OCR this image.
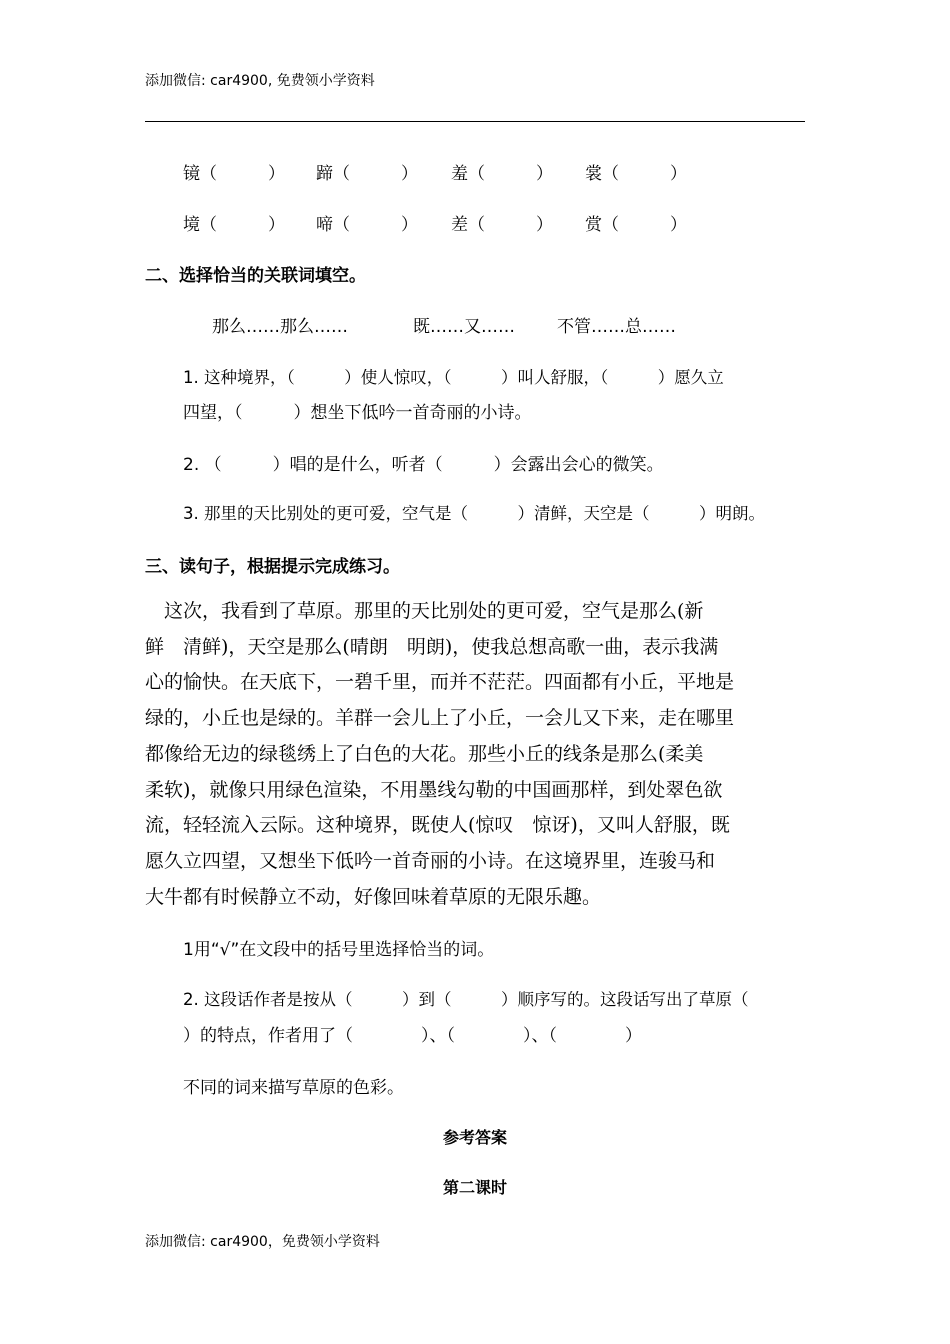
添加微信: car4900, 免费领小学资料
镜（　　　） 蹄（　　　） 羞（　　　） 裳（　　　）
境（　　　） 啼（　　　） 差（　　　） 赏（　　　）
二、选择恰当的关联词填空。
那么……那么……	既……又…… 不管……总……
1. 这种境界，（　　　）使人惊叹，（　　　）叫人舒服，（　　　）愿久立
四望，（　　　）想坐下低吟一首奇丽的小诗。
2. （　　　）唱的是什么，听者（　　　）会露出会心的微笑。
3. 那里的天比别处的更可爱，空气是（　　　）清鲜，天空是（　　　）明朗。
三、读句子，根据提示完成练习。
　这次，我看到了草原。那里的天比别处的更可爱，空气是那么(新
鲜　清鲜)，天空是那么(晴朗　明朗)，使我总想高歌一曲，表示我满
心的愉快。在天底下，一碧千里，而并不茫茫。四面都有小丘，平地是
绿的，小丘也是绿的。羊群一会儿上了小丘，一会儿又下来，走在哪里
都像给无边的绿毯绣上了白色的大花。那些小丘的线条是那么(柔美
柔软)，就像只用绿色渲染，不用墨线勾勒的中国画那样，到处翠色欲
流，轻轻流入云际。这种境界，既使人(惊叹　惊讶)，又叫人舒服，既
愿久立四望，又想坐下低吟一首奇丽的小诗。在这境界里，连骏马和
大牛都有时候静立不动，好像回味着草原的无限乐趣。
1用“√”在文段中的括号里选择恰当的词。
2. 这段话作者是按从（　　　）到（　　　）顺序写的。这段话写出了草原（
）的特点，作者用了（　　　　）、（　　　　）、（　　　　）
不同的词来描写草原的色彩。
参考答案
第二课时
添加微信: car4900，免费领小学资料
